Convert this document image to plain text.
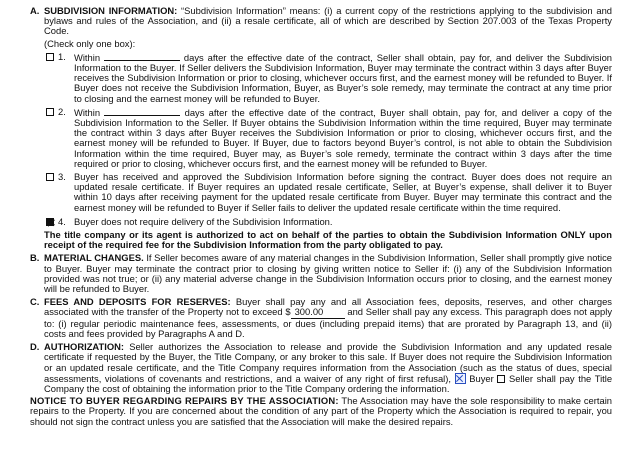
A. SUBDIVISION INFORMATION: “Subdivision Information” means: (i) a current copy of the restrictions applying to the subdivision and bylaws and rules of the Association, and (ii) a resale certificate, all of which are described by Section 207.003 of the Texas Property Code.

(Check only one box):

1. Within	days after the effective date of the contract, Seller shall obtain, pay for, and deliver the Subdivision Information to the Buyer. If Seller delivers the Subdivision Information, Buyer may terminate the contract within 3 days after Buyer receives the Subdivision Information or prior to closing, whichever occurs first, and the earnest money will be refunded to Buyer. If Buyer does not receive the Subdivision Information, Buyer, as Buyer’s sole remedy, may terminate the contract at any time prior to closing and the earnest money will be refunded to Buyer.

2. Within	days after the effective date of the contract, Buyer shall obtain, pay for, and deliver a copy of the Subdivision Information to the Seller. If Buyer obtains the Subdivision Information within the time required, Buyer may terminate the contract within 3 days after Buyer receives the Subdivision Information or prior to closing, whichever occurs first, and the earnest money will be refunded to Buyer. If Buyer, due to factors beyond Buyer’s control, is not able to obtain the Subdivision Information within the time required, Buyer may, as Buyer’s sole remedy, terminate the contract within 3 days after the time required or prior to closing, whichever occurs first, and the earnest money will be refunded to Buyer.

3. Buyer has received and approved the Subdivision Information before signing the contract. Buyer does does not require an updated resale certificate. If Buyer requires an updated resale certificate, Seller, at Buyer’s expense, shall deliver it to Buyer within 10 days after receiving payment for the updated resale certificate from Buyer. Buyer may terminate this contract and the earnest money will be refunded to Buyer if Seller fails to deliver the updated resale certificate within the time required.

4. Buyer does not require delivery of the Subdivision Information.

The title company or its agent is authorized to act on behalf of the parties to obtain the Subdivision Information ONLY upon receipt of the required fee for the Subdivision Information from the party obligated to pay.

B. MATERIAL CHANGES. If Seller becomes aware of any material changes in the Subdivision Information, Seller shall promptly give notice to Buyer. Buyer may terminate the contract prior to closing by giving written notice to Seller if: (i) any of the Subdivision Information provided was not true; or (ii) any material adverse change in the Subdivision Information occurs prior to closing, and the earnest money will be refunded to Buyer.

C. FEES AND DEPOSITS FOR RESERVES: Buyer shall pay any and all Association fees, deposits, reserves, and other charges associated with the transfer of the Property not to exceed $ 300.00	and Seller shall pay any excess. This paragraph does not apply to: (i) regular periodic maintenance fees, assessments, or dues (including prepaid items) that are prorated by Paragraph 13, and (ii) costs and fees provided by Paragraphs A and D.

D. AUTHORIZATION: Seller authorizes the Association to release and provide the Subdivision Information and any updated resale certificate if requested by the Buyer, the Title Company, or any broker to this sale. If Buyer does not require the Subdivision Information or an updated resale certificate, and the Title Company requires information from the Association (such as the status of dues, special assessments, violations of covenants and restrictions, and a waiver of any right of first refusal), Buyer Seller shall pay the Title Company the cost of obtaining the information prior to the Title Company ordering the information.

NOTICE TO BUYER REGARDING REPAIRS BY THE ASSOCIATION: The Association may have the sole responsibility to make certain repairs to the Property. If you are concerned about the condition of any part of the Property which the Association is required to repair, you should not sign the contract unless you are satisfied that the Association will make the desired repairs.
